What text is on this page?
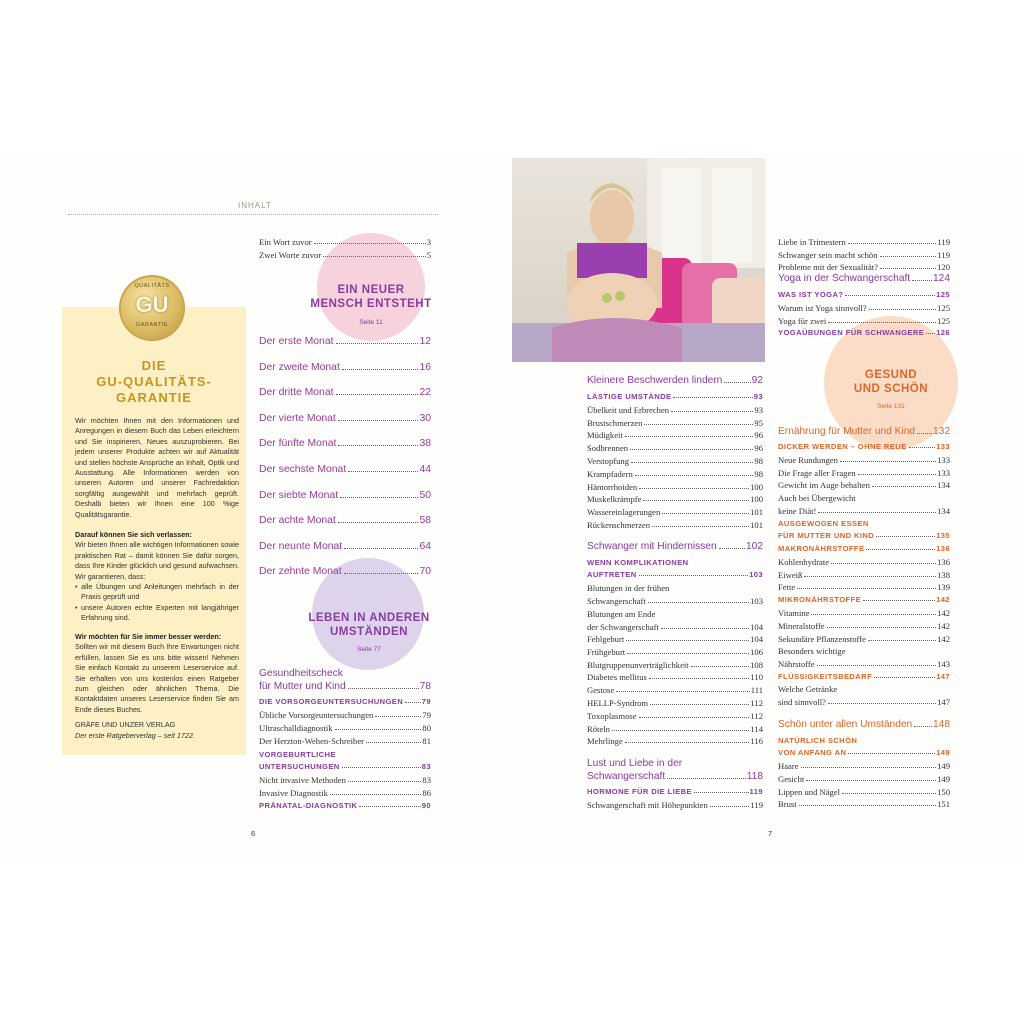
INHALT
QUALITÄTS
GU
GARANTIE
DIE
GU-QUALITÄTS-
GARANTIE
Wir möchten Ihnen mit den Informationen und Anregungen in diesem Buch das Leben erleichtern und Sie inspirieren, Neues auszuprobieren. Bei jedem unserer Produkte achten wir auf Aktualität und stellen höchste Ansprüche an Inhalt, Optik und Ausstattung. Alle Informationen werden von unseren Autoren und unserer Fachredaktion sorgfältig ausgewählt und mehrfach geprüft. Deshalb bieten wir Ihnen eine 100 %ige Qualitätsgarantie.
Darauf können Sie sich verlassen:
Wir bieten Ihnen alle wichtigen Informationen sowie praktischen Rat – damit können Sie dafür sorgen, dass Ihre Kinder glücklich und gesund aufwachsen. Wir garantieren, dass:
• alle Übungen und Anleitungen mehrfach in der Praxis geprüft und
• unsere Autoren echte Experten mit langjähriger Erfahrung sind.
Wir möchten für Sie immer besser werden:
Sollten wir mit diesem Buch Ihre Erwartungen nicht erfüllen, lassen Sie es uns bitte wissen! Nehmen Sie einfach Kontakt zu unserem Leserservice auf. Sie erhalten von uns kostenlos einen Ratgeber zum gleichen oder ähnlichen Thema. Die Kontaktdaten unseres Leserservice finden Sie am Ende dieses Buches.
GRÄFE UND UNZER VERLAG
Der erste Ratgeberverlag – seit 1722.
EIN NEUER
MENSCH ENTSTEHT
Seite 11
LEBEN IN ANDEREN
UMSTÄNDEN
Seite 77
GESUND
UND SCHÖN
Seite 131
Ein Wort zuvor	3
Zwei Worte zuvor	5
Der erste Monat	12
Der zweite Monat	16
Der dritte Monat	22
Der vierte Monat	30
Der fünfte Monat	38
Der sechste Monat	44
Der siebte Monat	50
Der achte Monat	58
Der neunte Monat	64
Der zehnte Monat	70
Gesundheitscheck
für Mutter und Kind	78
DIE VORSORGEUNTERSUCHUNGEN 79
Übliche Vorsorgeuntersuchungen	79
Ultraschalldiagnostik	80
Der Herzton-Wehen-Schreiber	81
VORGEBURTLICHE
UNTERSUCHUNGEN	83
Nicht invasive Methoden	83
Invasive Diagnostik	86
PRÄNATAL-DIAGNOSTIK	90
6
Kleinere Beschwerden lindern	92
LÄSTIGE UMSTÄNDE	93
Übelkeit und Erbrechen	93
Brustschmerzen	95
Müdigkeit	96
Sodbrennen	96
Verstopfung	98
Krampfadern	98
Hämorrhoiden	100
Muskelkrämpfe	100
Wassereinlagerungen	101
Rückenschmerzen	101
Schwanger mit Hindernissen	102
WENN KOMPLIKATIONEN
AUFTRETEN	103
Blutungen in der frühen
Schwangerschaft	103
Blutungen am Ende
der Schwangerschaft	104
Fehlgeburt	104
Frühgeburt	106
Blutgruppenunverträglichkeit	108
Diabetes mellitus	110
Gestose	111
HELLP-Syndrom	112
Toxoplasmose	112
Röteln	114
Mehrlinge	116
Lust und Liebe in der
Schwangerschaft	118
HORMONE FÜR DIE LIEBE	119
Schwangerschaft mit Höhepunkten	119
7
Liebe in Trimestern	119
Schwanger sein macht schön	119
Probleme mit der Sexualität?	120
Yoga in der Schwangerschaft 124
WAS IST YOGA?	125
Warum ist Yoga sinnvoll?	125
Yoga für zwei	125
YOGAÜBUNGEN FÜR SCHWANGERE 126
Ernährung für Mutter und Kind 132
DICKER WERDEN – OHNE REUE	133
Neue Rundungen	133
Die Frage aller Fragen	133
Gewicht im Auge behalten	134
Auch bei Übergewicht
keine Diät!	134
AUSGEWOGEN ESSEN
FÜR MUTTER UND KIND	135
MAKRONÄHRSTOFFE	136
Kohlenhydrate	136
Eiweiß	138
Fette	139
MIKRONÄHRSTOFFE	142
Vitamine	142
Mineralstoffe	142
Sekundäre Pflanzenstoffe	142
Besonders wichtige
Nährstoffe	143
FLÜSSIGKEITSBEDARF	147
Welche Getränke
sind sinnvoll?	147
Schön unter allen Umständen 148
NATÜRLICH SCHÖN
VON ANFANG AN	149
Haare	149
Gesicht	149
Lippen und Nägel	150
Brust	151
